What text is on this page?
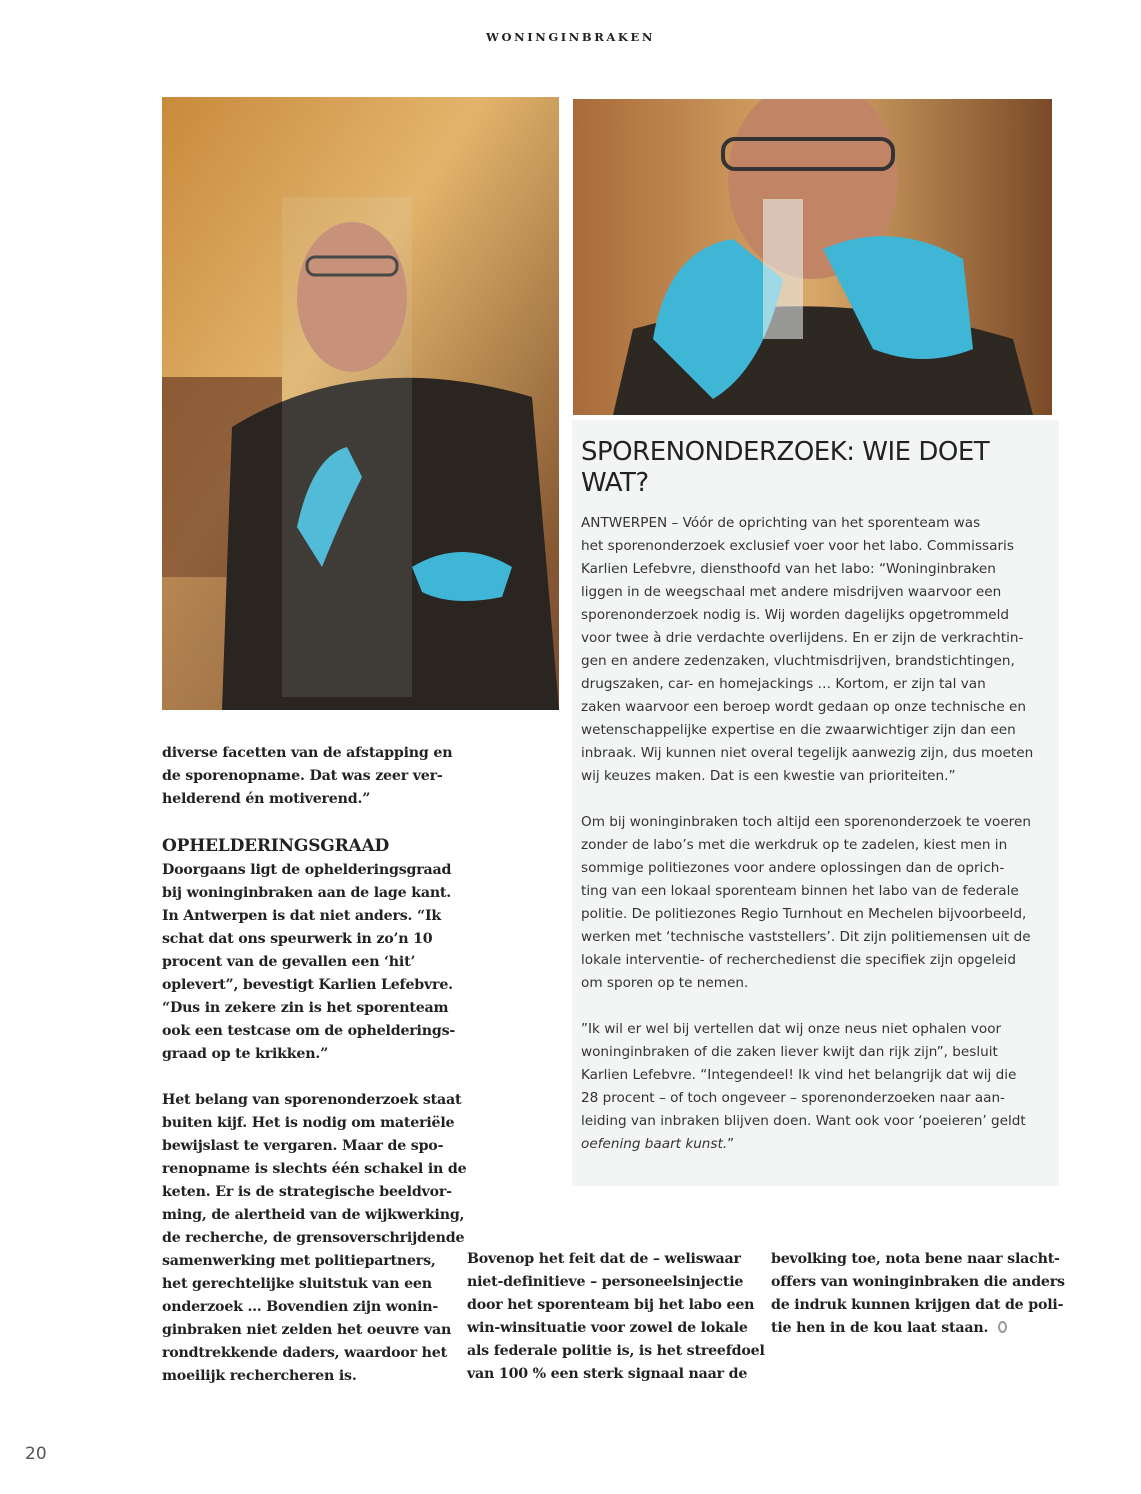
WONINGINBRAKEN
SPORENONDERZOEK: WIE DOET WAT?
ANTWERPEN – Vóór de oprichting van het sporenteam was
het sporenonderzoek exclusief voer voor het labo. Commissaris
Karlien Lefebvre, diensthoofd van het labo: “Woninginbraken
liggen in de weegschaal met andere misdrijven waarvoor een
sporenonderzoek nodig is. Wij worden dagelijks opgetrommeld
voor twee à drie verdachte overlijdens. En er zijn de verkrachtin-
gen en andere zedenzaken, vluchtmisdrijven, brandstichtingen,
drugszaken, car- en homejackings … Kortom, er zijn tal van
zaken waarvoor een beroep wordt gedaan op onze technische en
wetenschappelijke expertise en die zwaarwichtiger zijn dan een
inbraak. Wij kunnen niet overal tegelijk aanwezig zijn, dus moeten
wij keuzes maken. Dat is een kwestie van prioriteiten.”
Om bij woninginbraken toch altijd een sporenonderzoek te voeren
zonder de labo’s met die werkdruk op te zadelen, kiest men in
sommige politiezones voor andere oplossingen dan de oprich-
ting van een lokaal sporenteam binnen het labo van de federale
politie. De politiezones Regio Turnhout en Mechelen bijvoorbeeld,
werken met ‘technische vaststellers’. Dit zijn politiemensen uit de
lokale interventie- of recherchedienst die specifiek zijn opgeleid
om sporen op te nemen.
”Ik wil er wel bij vertellen dat wij onze neus niet ophalen voor
woninginbraken of die zaken liever kwijt dan rijk zijn”, besluit
Karlien Lefebvre. “Integendeel! Ik vind het belangrijk dat wij die
28 procent – of toch ongeveer – sporenonderzoeken naar aan-
leiding van inbraken blijven doen. Want ook voor ‘poeieren’ geldt
oefening baart kunst.”
diverse facetten van de afstapping en
de sporenopname. Dat was zeer ver-
helderend én motiverend.”
OPHELDERINGSGRAAD
Doorgaans ligt de ophelderingsgraad
bij woninginbraken aan de lage kant.
In Antwerpen is dat niet anders. “Ik
schat dat ons speurwerk in zo’n 10
procent van de gevallen een ‘hit’
oplevert”, bevestigt Karlien Lefebvre.
“Dus in zekere zin is het sporenteam
ook een testcase om de ophelderings-
graad op te krikken.”
Het belang van sporenonderzoek staat
buiten kijf. Het is nodig om materiële
bewijslast te vergaren. Maar de spo-
renopname is slechts één schakel in de
keten. Er is de strategische beeldvor-
ming, de alertheid van de wijkwerking,
de recherche, de grensoverschrijdende
samenwerking met politiepartners,
het gerechtelijke sluitstuk van een
onderzoek … Bovendien zijn wonin-
ginbraken niet zelden het oeuvre van
rondtrekkende daders, waardoor het
moeilijk rechercheren is.
Bovenop het feit dat de – weliswaar
niet-definitieve – personeelsinjectie
door het sporenteam bij het labo een
win-winsituatie voor zowel de lokale
als federale politie is, is het streefdoel
van 100 % een sterk signaal naar de
bevolking toe, nota bene naar slacht-
offers van woninginbraken die anders
de indruk kunnen krijgen dat de poli-
tie hen in de kou laat staan.
20
